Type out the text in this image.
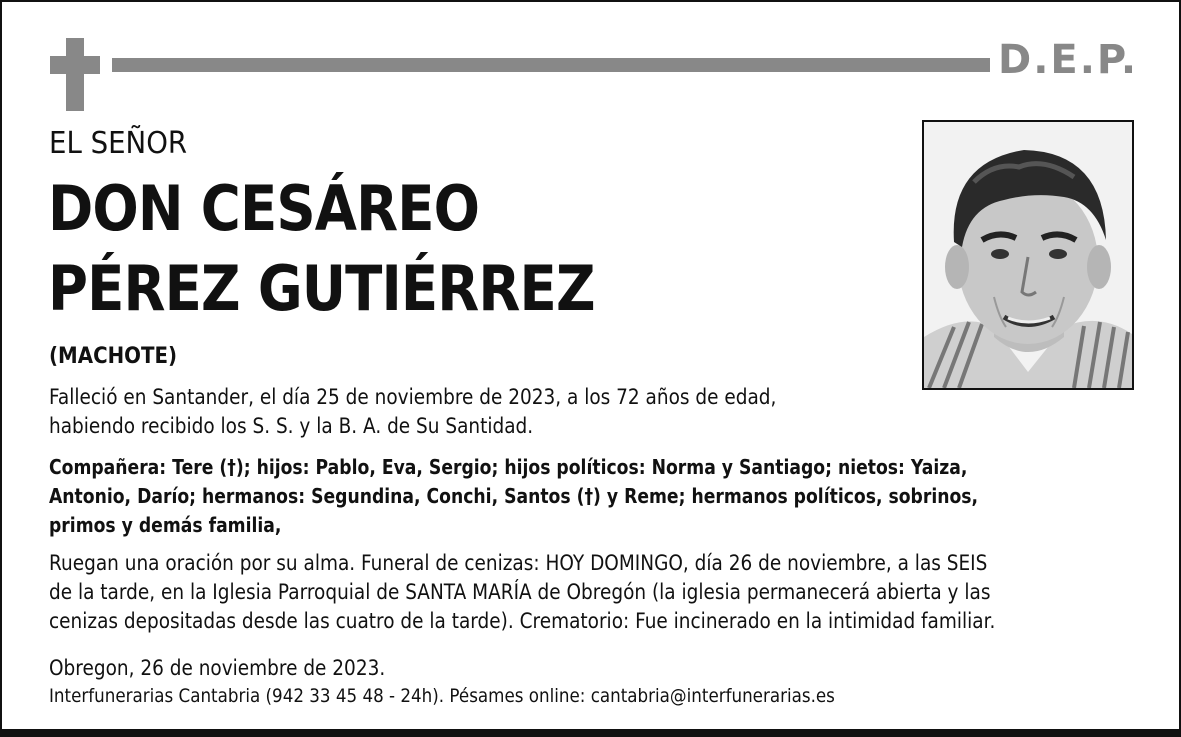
D.E.P.
EL SEÑOR
DON CESÁREO
PÉREZ GUTIÉRREZ
(MACHOTE)
Falleció en Santander, el día 25 de noviembre de 2023, a los 72 años de edad,
habiendo recibido los S. S. y la B. A. de Su Santidad.
Compañera: Tere (†); hijos: Pablo, Eva, Sergio; hijos políticos: Norma y Santiago; nietos: Yaiza,
Antonio, Darío; hermanos: Segundina, Conchi, Santos (†) y Reme; hermanos políticos, sobrinos,
primos y demás familia,
Ruegan una oración por su alma. Funeral de cenizas: HOY DOMINGO, día 26 de noviembre, a las SEIS
de la tarde, en la Iglesia Parroquial de SANTA MARÍA de Obregón (la iglesia permanecerá abierta y las
cenizas depositadas desde las cuatro de la tarde). Crematorio: Fue incinerado en la intimidad familiar.
Obregon, 26 de noviembre de 2023.
Interfunerarias Cantabria (942 33 45 48 - 24h). Pésames online: cantabria@interfunerarias.es
